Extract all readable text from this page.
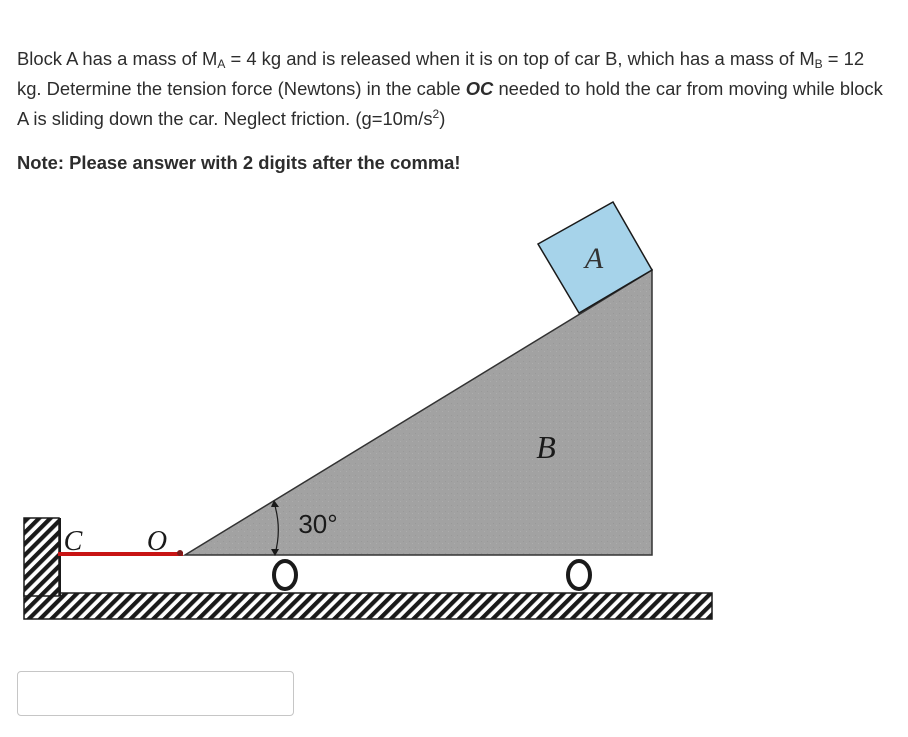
Block A has a mass of $M_A = 4$ kg and is released when it is on top of car B, which has a mass of $M_B = 12$ kg. Determine the tension force (Newtons) in the cable OC needed to hold the car from moving while block A is sliding down the car. Neglect friction. $(g=10m/s^2)$
Note: Please answer with 2 digits after the comma!
A
B
C O
30°
